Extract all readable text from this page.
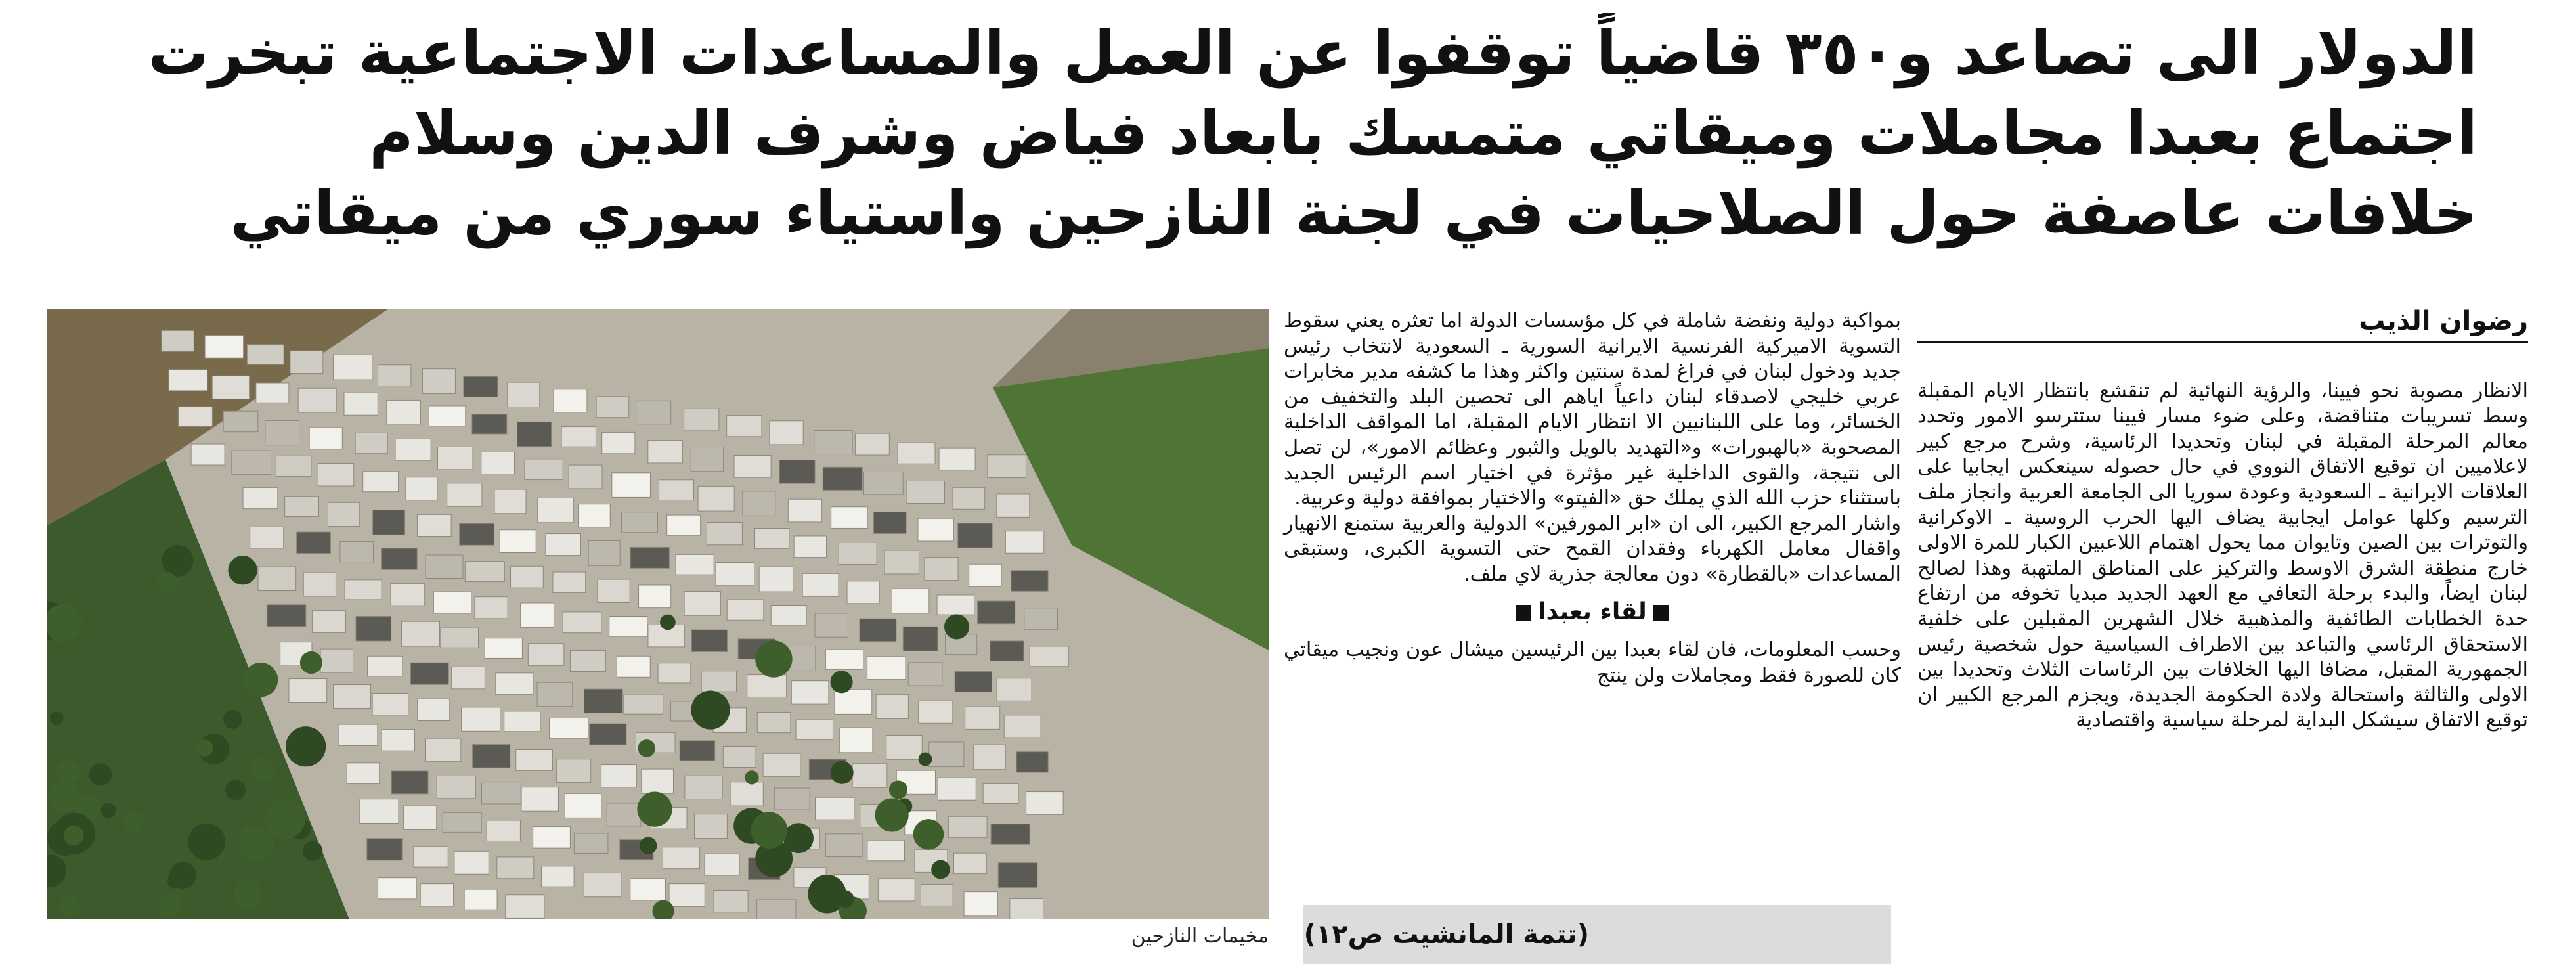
الدولار الى تصاعد و٣٥٠ قاضياً توقفوا عن العمل والمساعدات الاجتماعية تبخرت
اجتماع بعبدا مجاملات وميقاتي متمسك بابعاد فياض وشرف الدين وسلام
خلافات عاصفة حول الصلاحيات في لجنة النازحين واستياء سوري من ميقاتي
مخيمات النازحين
رضوان الذيب

الانظار مصوبة نحو فيينا، والرؤية النهائية لم تنقشع بانتظار الايام المقبلة وسط تسريبات متناقضة، وعلى ضوء مسار فيينا ستترسو الامور وتحدد معالم المرحلة المقبلة في لبنان وتحديدا الرئاسية، وشرح مرجع كبير لاعلاميين ان توقيع الاتفاق النووي في حال حصوله سينعكس ايجابيا على العلاقات الايرانية ـ السعودية وعودة سوريا الى الجامعة العربية وانجاز ملف الترسيم وكلها عوامل ايجابية يضاف اليها الحرب الروسية ـ الاوكرانية والتوترات بين الصين وتايوان مما يحول اهتمام اللاعبين الكبار للمرة الاولى خارج منطقة الشرق الاوسط والتركيز على المناطق الملتهبة وهذا لصالح لبنان ايضاً، والبدء برحلة التعافي مع العهد الجديد مبديا تخوفه من ارتفاع حدة الخطابات الطائفية والمذهبية خلال الشهرين المقبلين على خلفية الاستحقاق الرئاسي والتباعد بين الاطراف السياسية حول شخصية رئيس الجمهورية المقبل، مضافا اليها الخلافات بين الرئاسات الثلاث وتحديدا بين الاولى والثالثة واستحالة ولادة الحكومة الجديدة، ويجزم المرجع الكبير ان توقيع الاتفاق سيشكل البداية لمرحلة سياسية واقتصادية

بمواكبة دولية ونفضة شاملة في كل مؤسسات الدولة اما تعثره يعني سقوط التسوية الاميركية الفرنسية الايرانية السورية ـ السعودية لانتخاب رئيس جديد ودخول لبنان في فراغ لمدة سنتين واكثر وهذا ما كشفه مدير مخابرات عربي خليجي لاصدقاء لبنان داعياً اياهم الى تحصين البلد والتخفيف من الخسائر، وما على اللبنانيين الا انتظار الايام المقبلة، اما المواقف الداخلية المصحوبة «بالهبورات» و«التهديد بالويل والثبور وعظائم الامور»، لن تصل الى نتيجة، والقوى الداخلية غير مؤثرة في اختيار اسم الرئيس الجديد باستثناء حزب الله الذي يملك حق «الفيتو» والاختيار بموافقة دولية وعربية.

واشار المرجع الكبير، الى ان «ابر المورفين» الدولية والعربية ستمنع الانهيار واقفال معامل الكهرباء وفقدان القمح حتى التسوية الكبرى، وستبقى المساعدات «بالقطارة» دون معالجة جذرية لاي ملف.

لقاء بعبدا

وحسب المعلومات، فان لقاء بعبدا بين الرئيسين ميشال عون ونجيب ميقاتي كان للصورة فقط ومجاملات ولن ينتج

(تتمة المانشيت ص١٢)
